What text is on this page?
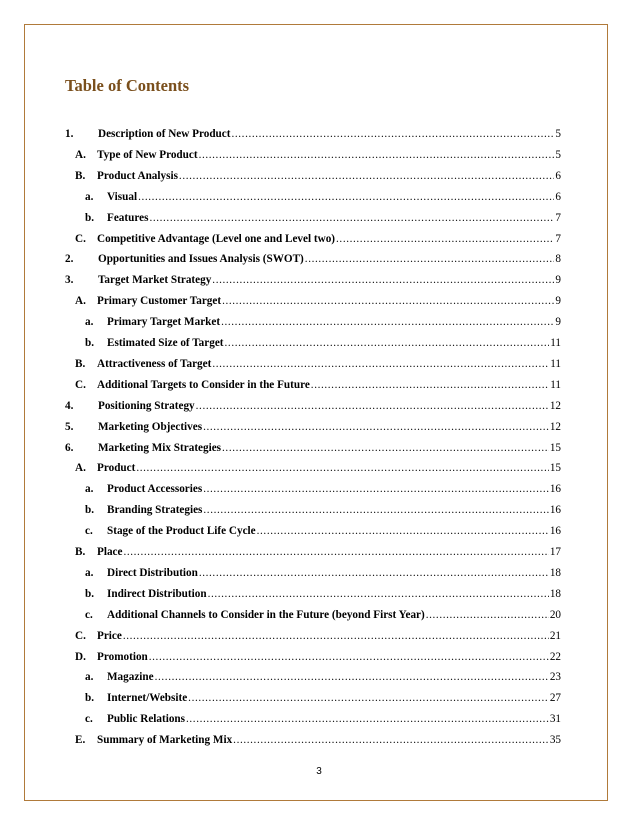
Table of Contents
1.	Description of New Product .....	5
A. Type of New Product .....	5
B.	Product Analysis .....	6
a.	Visual .....	6
b.	Features .....	7
C. Competitive Advantage (Level one and Level two) .....	7
2.	Opportunities and Issues Analysis (SWOT) .....	8
3.	Target Market Strategy .....	9
A. Primary Customer Target .....	9
a.	Primary Target Market .....	9
b.	Estimated Size of Target .....	11
B.	Attractiveness of Target .....	11
C. Additional Targets to Consider in the Future .....	11
4.	Positioning Strategy .....	12
5.	Marketing Objectives .....	12
6.	Marketing Mix Strategies .....	15
A. Product .....	15
a.	Product Accessories .....	16
b.	Branding Strategies .....	16
c.	Stage of the Product Life Cycle .....	16
B.	Place .....	17
a.	Direct Distribution .....	18
b.	Indirect Distribution .....	18
c.	Additional Channels to Consider in the Future (beyond First Year) .....	20
C. Price .....	21
D. Promotion .....	22
a.	Magazine .....	23
b.	Internet/Website .....	27
c.	Public Relations .....	31
E.	Summary of Marketing Mix .....	35
3
